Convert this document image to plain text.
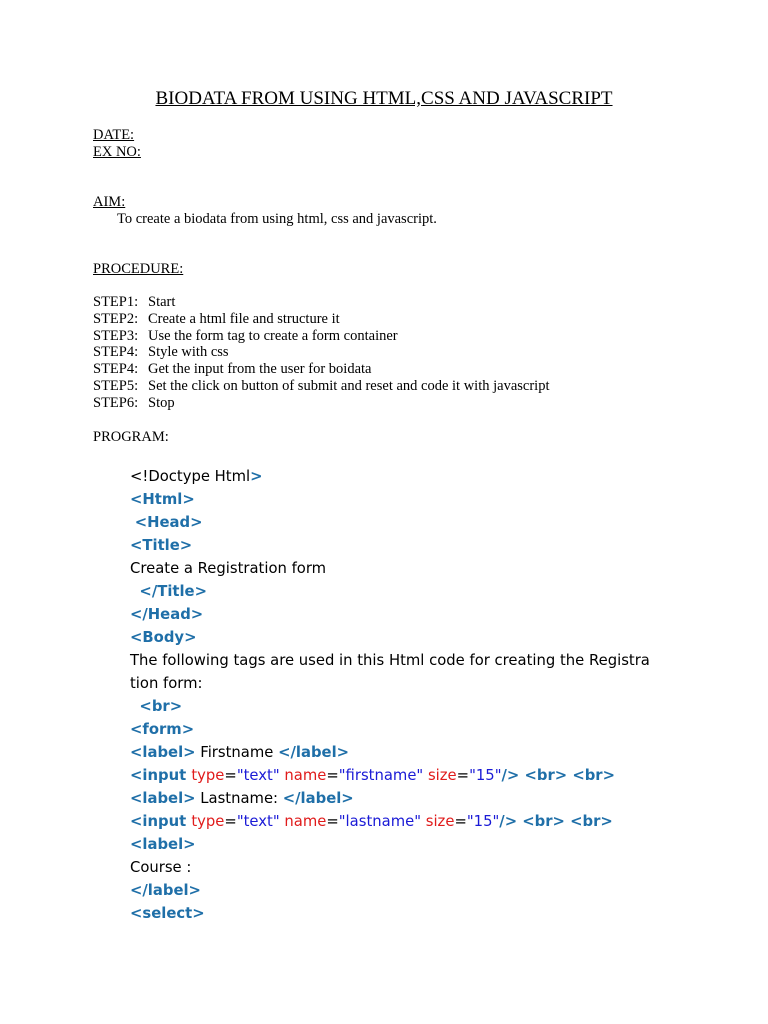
BIODATA FROM USING HTML,CSS AND JAVASCRIPT
DATE:
EX NO:
AIM:
To create a biodata from using html, css and javascript.
PROCEDURE:
STEP1: Start
STEP2: Create a html file and structure it
STEP3: Use the form tag to create a form container
STEP4: Style with css
STEP4: Get the input from the user for boidata
STEP5: Set the click on button of submit and reset and code it with javascript
STEP6: Stop
PROGRAM:
<!Doctype Html>
<Html>
<Head>
<Title>
Create a Registration form
</Title>
</Head>
<Body>
The following tags are used in this Html code for creating the Registra
tion form:
<br>
<form>
<label> Firstname </label>
<input type="text" name="firstname" size="15"/> <br> <br>
<label> Lastname: </label>
<input type="text" name="lastname" size="15"/> <br> <br>
<label>
Course :
</label>
<select>
